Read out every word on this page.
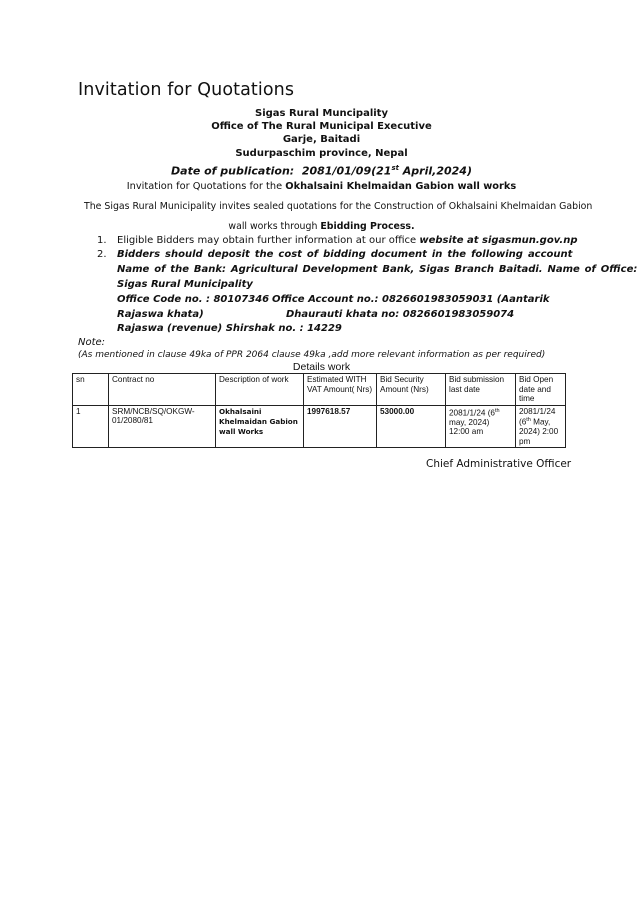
Invitation for Quotations
Sigas Rural Muncipality
Office of The Rural Municipal Executive
Garje, Baitadi
Sudurpaschim province, Nepal
Date of publication: 2081/01/09(21st April,2024)
Invitation for Quotations for the Okhalsaini Khelmaidan Gabion wall works
The Sigas Rural Municipality invites sealed quotations for the Construction of Okhalsaini Khelmaidan Gabion
wall works through Ebidding Process.
1. Eligible Bidders may obtain further information at our office website at sigasmun.gov.np
2. Bidders should deposit the cost of bidding document in the following account
Name of the Bank: Agricultural Development Bank, Sigas Branch Baitadi. Name of Office:
Sigas Rural Municipality
Office Code no. : 80107346 Office Account no.: 0826601983059031 (Aantarik
Rajaswa khata)	Dhaurauti khata no: 0826601983059074
Rajaswa (revenue) Shirshak no. : 14229
Note:
(As mentioned in clause 49ka of PPR 2064 clause 49ka ,add more relevant information as per required)
Details work
sn	Contract no	Description of work	Estimated WITH VAT Amount( Nrs)	Bid Security Amount (Nrs)	Bid submission last date	Bid Open date and time
1	SRM/NCB/SQ/OKGW-01/2080/81	Okhalsaini Khelmaidan Gabion wall Works	1997618.57	53000.00	2081/1/24 (6th may, 2024) 12:00 am	2081/1/24 (6th May, 2024) 2:00 pm
Chief Administrative Officer
